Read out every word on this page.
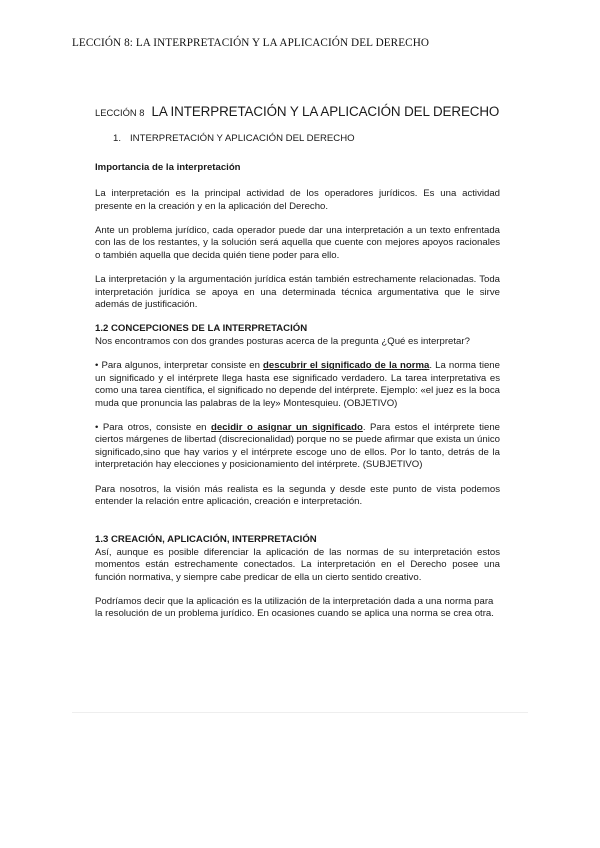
LECCIÓN 8: LA INTERPRETACIÓN Y LA APLICACIÓN DEL DERECHO
LECCIÓN 8 LA INTERPRETACIÓN Y LA APLICACIÓN DEL DERECHO
1. INTERPRETACIÓN Y APLICACIÓN DEL DERECHO
Importancia de la interpretación

La interpretación es la principal actividad de los operadores jurídicos. Es una actividad presente en la creación y en la aplicación del Derecho.

Ante un problema jurídico, cada operador puede dar una interpretación a un texto enfrentada con las de los restantes, y la solución será aquella que cuente con mejores apoyos racionales o también aquella que decida quién tiene poder para ello.

La interpretación y la argumentación jurídica están también estrechamente relacionadas. Toda interpretación jurídica se apoya en una determinada técnica argumentativa que le sirve además de justificación.

1.2 CONCEPCIONES DE LA INTERPRETACIÓN

Nos encontramos con dos grandes posturas acerca de la pregunta ¿Qué es interpretar?

• Para algunos, interpretar consiste en descubrir el significado de la norma. La norma tiene un significado y el intérprete llega hasta ese significado verdadero. La tarea interpretativa es como una tarea científica, el significado no depende del intérprete. Ejemplo: «el juez es la boca muda que pronuncia las palabras de la ley» Montesquieu. (OBJETIVO)

• Para otros, consiste en decidir o asignar un significado. Para estos el intérprete tiene ciertos márgenes de libertad (discrecionalidad) porque no se puede afirmar que exista un único significado,sino que hay varios y el intérprete escoge uno de ellos. Por lo tanto, detrás de la interpretación hay elecciones y posicionamiento del intérprete. (SUBJETIVO)

Para nosotros, la visión más realista es la segunda y desde este punto de vista podemos entender la relación entre aplicación, creación e interpretación.

1.3 CREACIÓN, APLICACIÓN, INTERPRETACIÓN

Así, aunque es posible diferenciar la aplicación de las normas de su interpretación estos momentos están estrechamente conectados. La interpretación en el Derecho posee una función normativa, y siempre cabe predicar de ella un cierto sentido creativo.

Podríamos decir que la aplicación es la utilización de la interpretación dada a una norma para la resolución de un problema jurídico. En ocasiones cuando se aplica una norma se crea otra.
